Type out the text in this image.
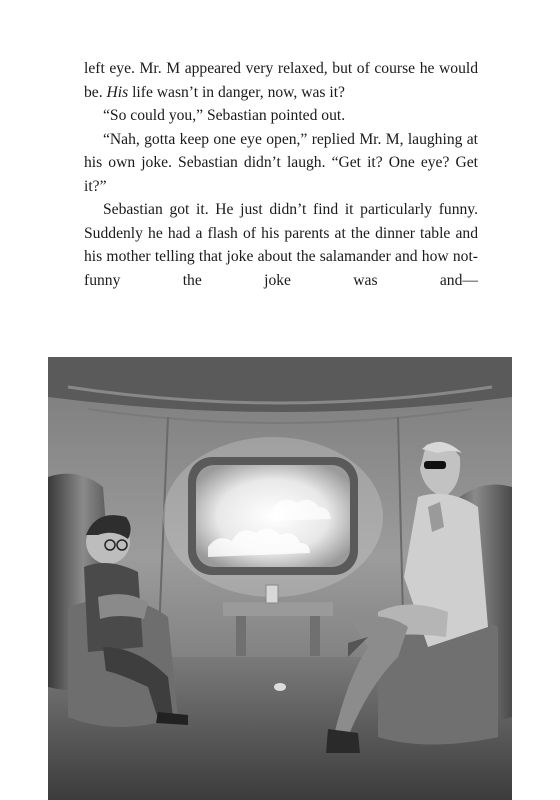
left eye. Mr. M appeared very relaxed, but of course he would be. His life wasn’t in danger, now, was it?

“So could you,” Sebastian pointed out.

“Nah, gotta keep one eye open,” replied Mr. M, laughing at his own joke. Sebastian didn’t laugh. “Get it? One eye? Get it?”

Sebastian got it. He just didn’t find it particularly funny. Suddenly he had a flash of his parents at the dinner table and his mother telling that joke about the salamander and how not-funny the joke was and—
